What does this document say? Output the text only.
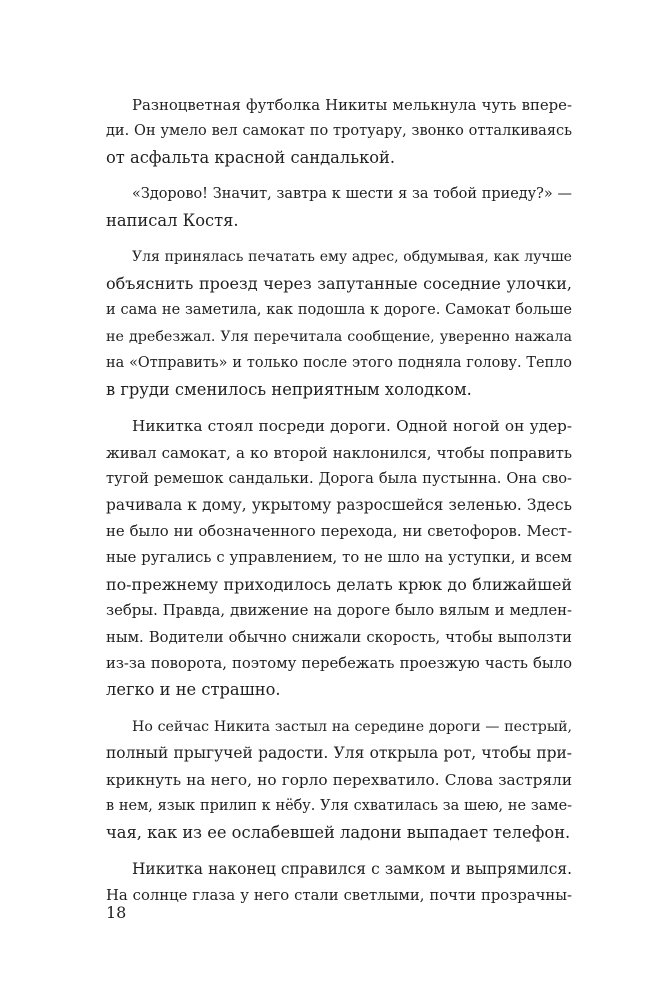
Разноцветная футболка Никиты мелькнула чуть впере-
ди. Он умело вел самокат по тротуару, звонко отталкиваясь
от асфальта красной сандалькой.
«Здорово! Значит, завтра к шести я за тобой приеду?» —
написал Костя.
Уля принялась печатать ему адрес, обдумывая, как лучше
объяснить проезд через запутанные соседние улочки,
и сама не заметила, как подошла к дороге. Самокат больше
не дребезжал. Уля перечитала сообщение, уверенно нажала
на «Отправить» и только после этого подняла голову. Тепло
в груди сменилось неприятным холодком.
Никитка стоял посреди дороги. Одной ногой он удер-
живал самокат, а ко второй наклонился, чтобы поправить
тугой ремешок сандальки. Дорога была пустынна. Она сво-
рачивала к дому, укрытому разросшейся зеленью. Здесь
не было ни обозначенного перехода, ни светофоров. Мест-
ные ругались с управлением, то не шло на уступки, и всем
по-прежнему приходилось делать крюк до ближайшей
зебры. Правда, движение на дороге было вялым и медлен-
ным. Водители обычно снижали скорость, чтобы выползти
из-за поворота, поэтому перебежать проезжую часть было
легко и не страшно.
Но сейчас Никита застыл на середине дороги — пестрый,
полный прыгучей радости. Уля открыла рот, чтобы при-
крикнуть на него, но горло перехватило. Слова застряли
в нем, язык прилип к нёбу. Уля схватилась за шею, не заме-
чая, как из ее ослабевшей ладони выпадает телефон.
Никитка наконец справился с замком и выпрямился.
На солнце глаза у него стали светлыми, почти прозрачны-
18
